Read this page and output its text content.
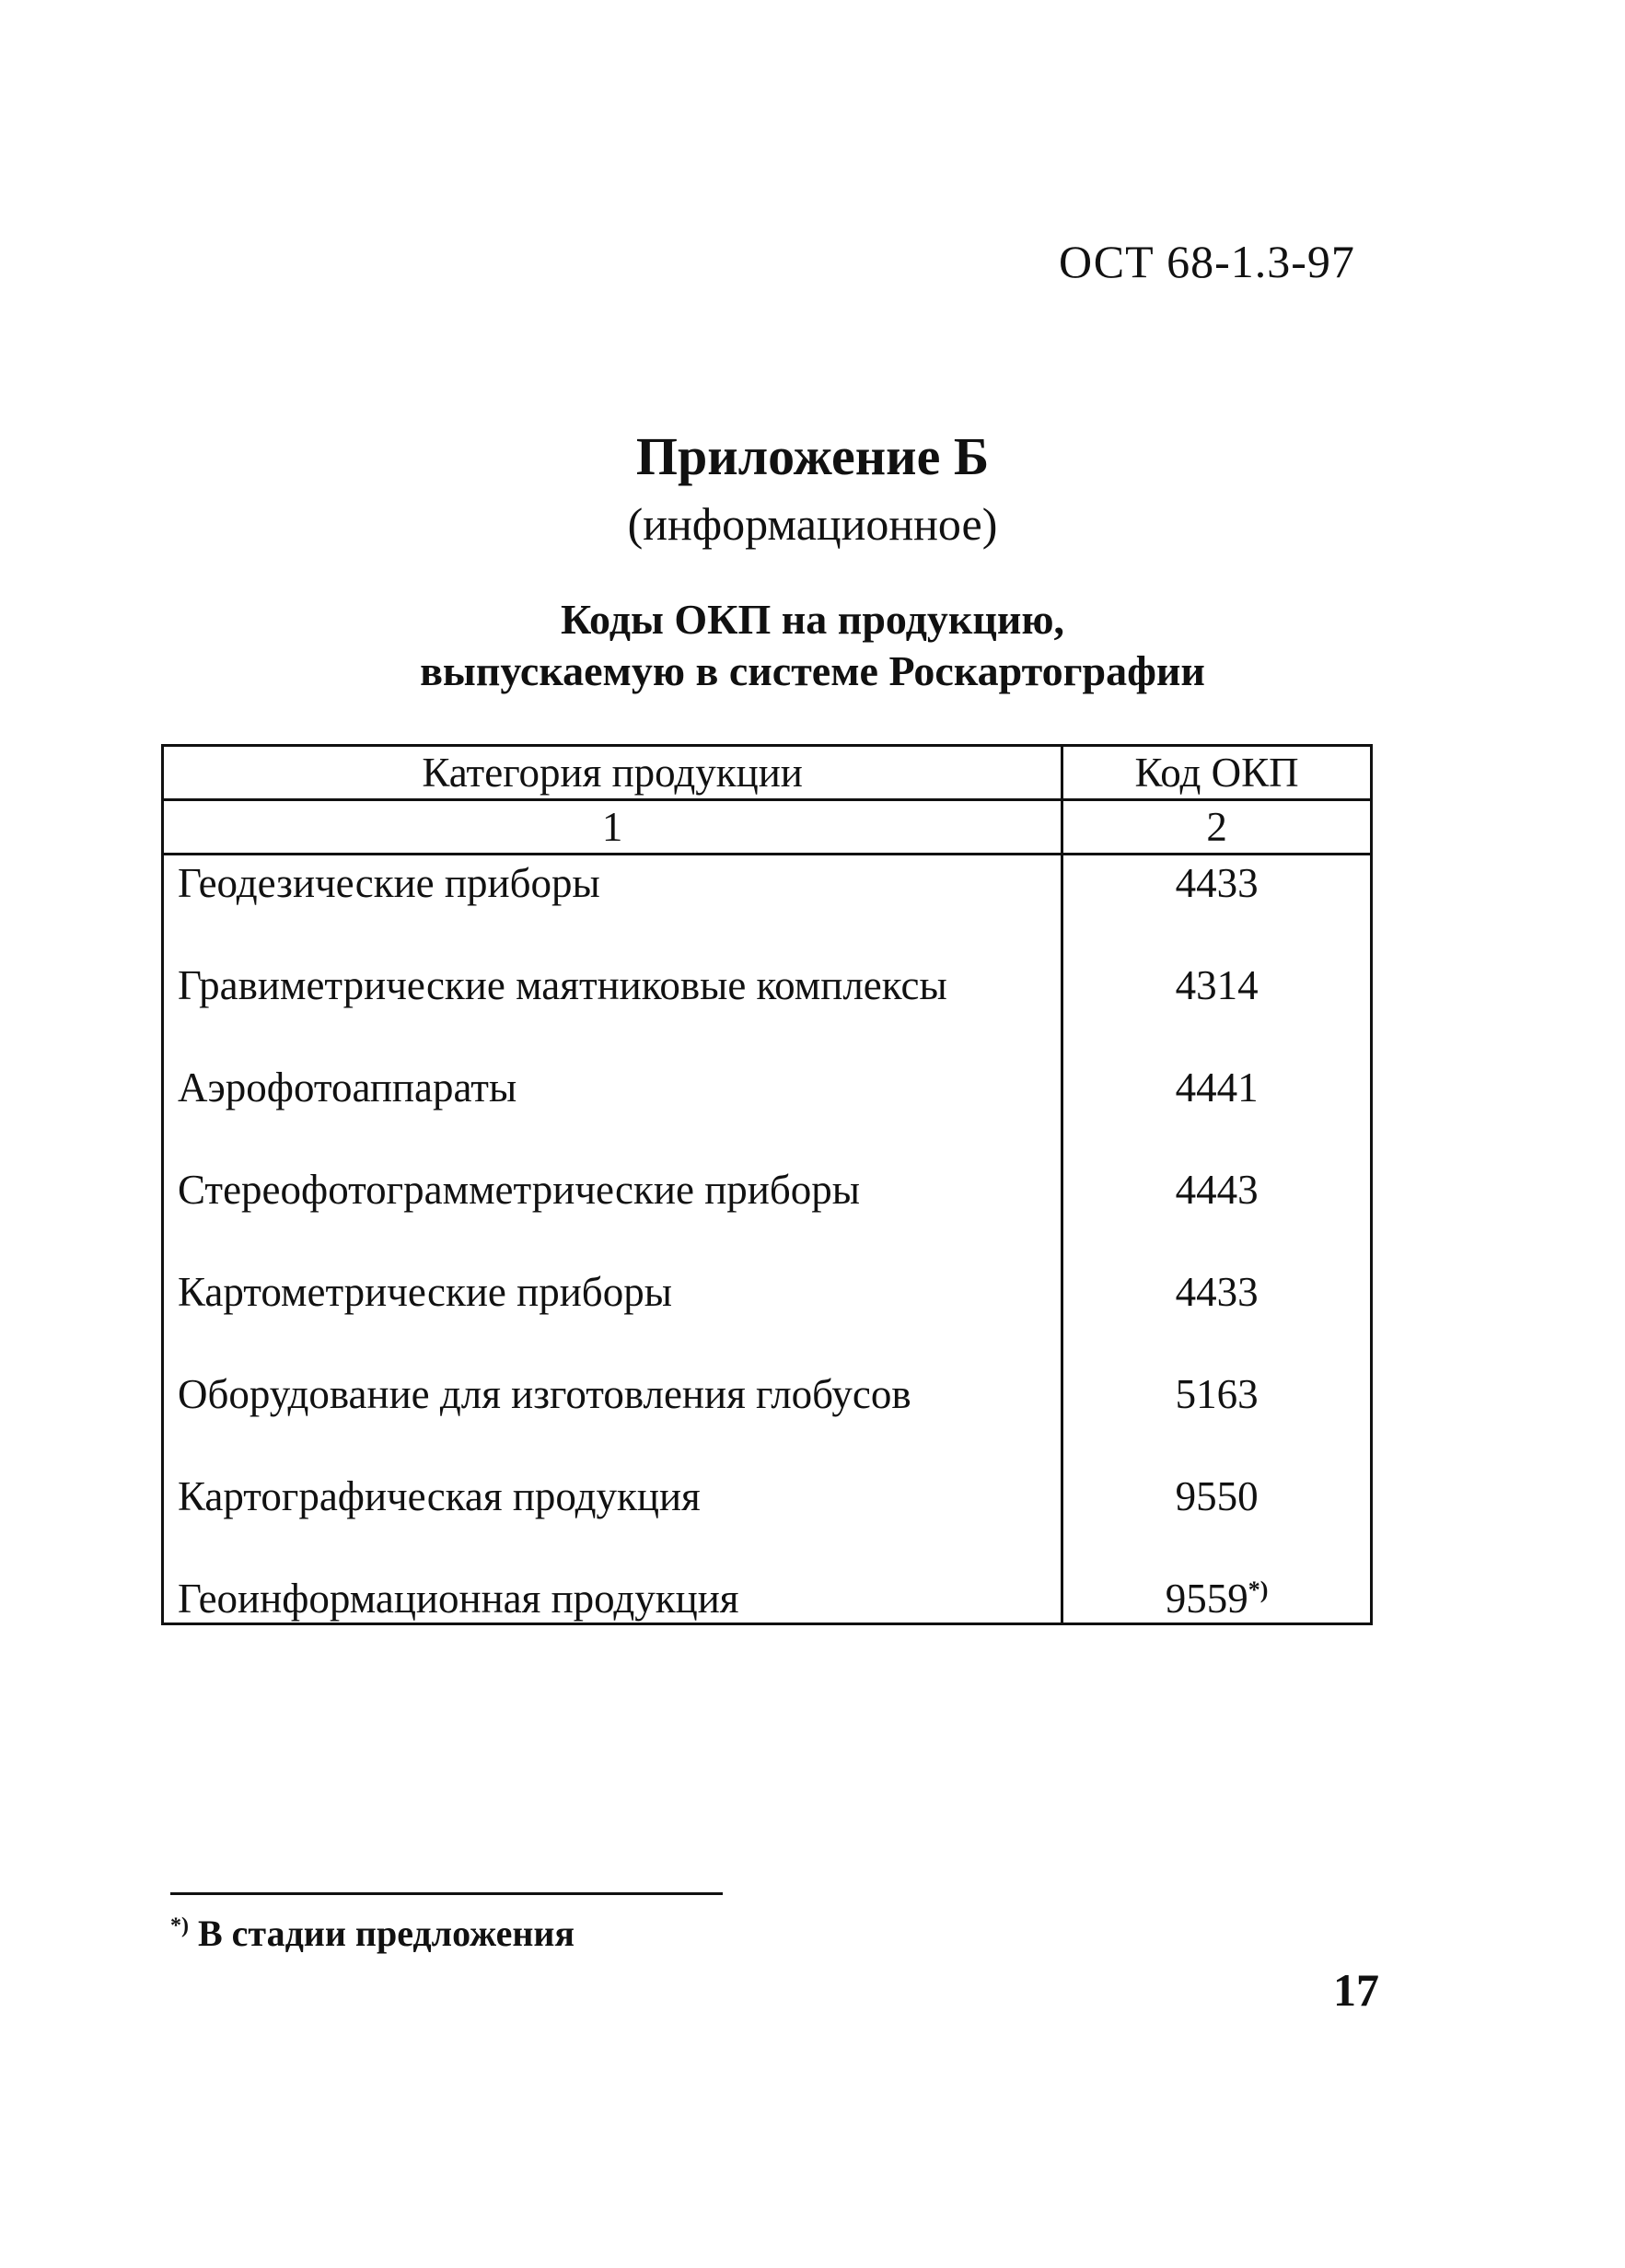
ОСТ 68-1.3-97
Приложение Б
(информационное)
Коды ОКП на продукцию,
выпускаемую в системе Роскартографии
Категория продукции	Код ОКП
1	2
Геодезические приборы	4433
Гравиметрические маятниковые комплексы	4314
Аэрофотоаппараты	4441
Стереофотограмметрические приборы	4443
Картометрические приборы	4433
Оборудование для изготовления глобусов	5163
Картографическая продукция	9550
Геоинформационная продукция	9559*)
*) В стадии предложения
17
